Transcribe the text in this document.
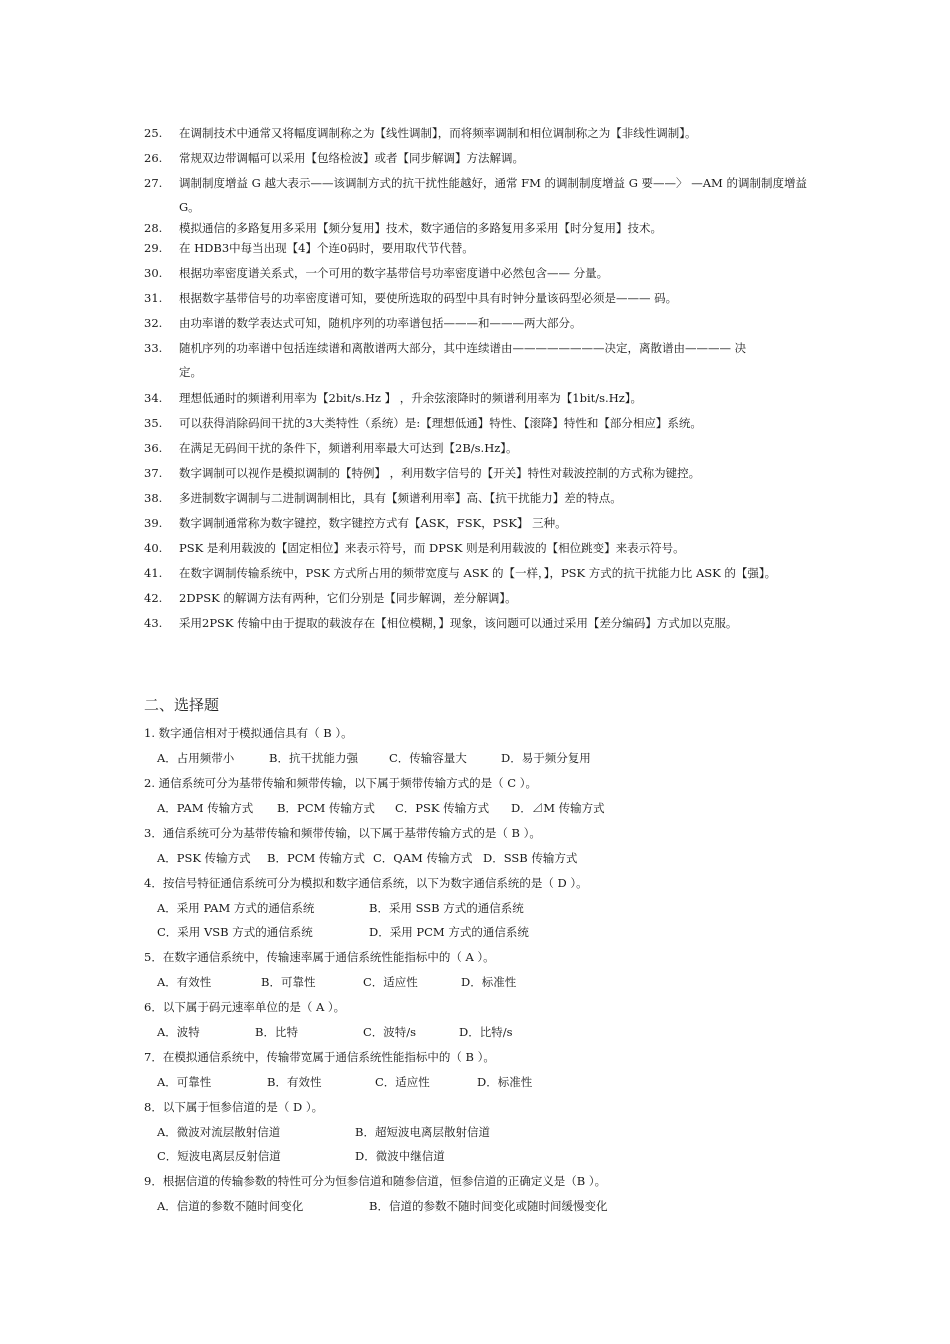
25.	在调制技术中通常又将幅度调制称之为【线性调制】，而将频率调制和相位调制称之为【非线性调制】。
26.	常规双边带调幅可以采用【包络检波】或者【同步解调】方法解调。
27.	调制制度增益 G 越大表示——该调制方式的抗干扰性能越好，通常 FM 的调制制度增益 G 要——〉 —AM 的调制制度增益
G。
28.	模拟通信的多路复用多采用【频分复用】技术，数字通信的多路复用多采用【时分复用】技术。
29.	在 HDB3中每当出现【4】个连0码时，要用取代节代替。
30.	根据功率密度谱关系式，一个可用的数字基带信号功率密度谱中必然包含—— 分量。
31.	根据数字基带信号的功率密度谱可知，要使所选取的码型中具有时钟分量该码型必须是——— 码。
32.	由功率谱的数学表达式可知，随机序列的功率谱包括———和———两大部分。
33.	随机序列的功率谱中包括连续谱和离散谱两大部分，其中连续谱由————————决定，离散谱由———— 决
定。
34.	理想低通时的频谱利用率为【2bit/s.Hz 】 ，升余弦滚降时的频谱利用率为【1bit/s.Hz】。
35.	可以获得消除码间干扰的3大类特性（系统）是:【理想低通】特性、【滚降】特性和【部分相应】系统。
36.	在满足无码间干扰的条件下，频谱利用率最大可达到【2B/s.Hz】。
37.	数字调制可以视作是模拟调制的【特例】 ，利用数字信号的【开关】特性对载波控制的方式称为键控。
38.	多进制数字调制与二进制调制相比，具有【频谱利用率】高、【抗干扰能力】差的特点。
39.	数字调制通常称为数字键控，数字键控方式有【ASK，FSK，PSK】 三种。
40.	PSK 是利用载波的【固定相位】来表示符号，而 DPSK 则是利用载波的【相位跳变】来表示符号。
41.	在数字调制传输系统中，PSK 方式所占用的频带宽度与 ASK 的【一样，】，PSK 方式的抗干扰能力比 ASK 的【强】。
42.	2DPSK 的解调方法有两种，它们分别是【同步解调，差分解调】。
43.	采用2PSK 传输中由于提取的载波存在【相位模糊，】现象，该问题可以通过采用【差分编码】方式加以克服。
二、选择题
1. 数字通信相对于模拟通信具有（ B ）。
A．占用频带小	B．抗干扰能力强	C．传输容量大	D．易于频分复用
2. 通信系统可分为基带传输和频带传输，以下属于频带传输方式的是（ C ）。
A．PAM 传输方式 B．PCM 传输方式 C．PSK 传输方式 D．⊿M 传输方式
3．通信系统可分为基带传输和频带传输，以下属于基带传输方式的是（ B ）。
A．PSK 传输方式 B．PCM 传输方式 C．QAM 传输方式 D．SSB 传输方式
4．按信号特征通信系统可分为模拟和数字通信系统，以下为数字通信系统的是（ D ）。
A．采用 PAM 方式的通信系统	B．采用 SSB 方式的通信系统
C．采用 VSB 方式的通信系统	D．采用 PCM 方式的通信系统
5．在数字通信系统中，传输速率属于通信系统性能指标中的（ A ）。
A．有效性	B．可靠性	C．适应性	D．标准性
6．以下属于码元速率单位的是（ A ）。
A．波特	B．比特	C．波特/s	D．比特/s
7．在模拟通信系统中，传输带宽属于通信系统性能指标中的（ B ）。
A．可靠性	B．有效性	C．适应性	D．标准性
8．以下属于恒参信道的是（ D ）。
A．微波对流层散射信道	B．超短波电离层散射信道
C．短波电离层反射信道	D．微波中继信道
9．根据信道的传输参数的特性可分为恒参信道和随参信道，恒参信道的正确定义是（B ）。
A．信道的参数不随时间变化	B．信道的参数不随时间变化或随时间缓慢变化
